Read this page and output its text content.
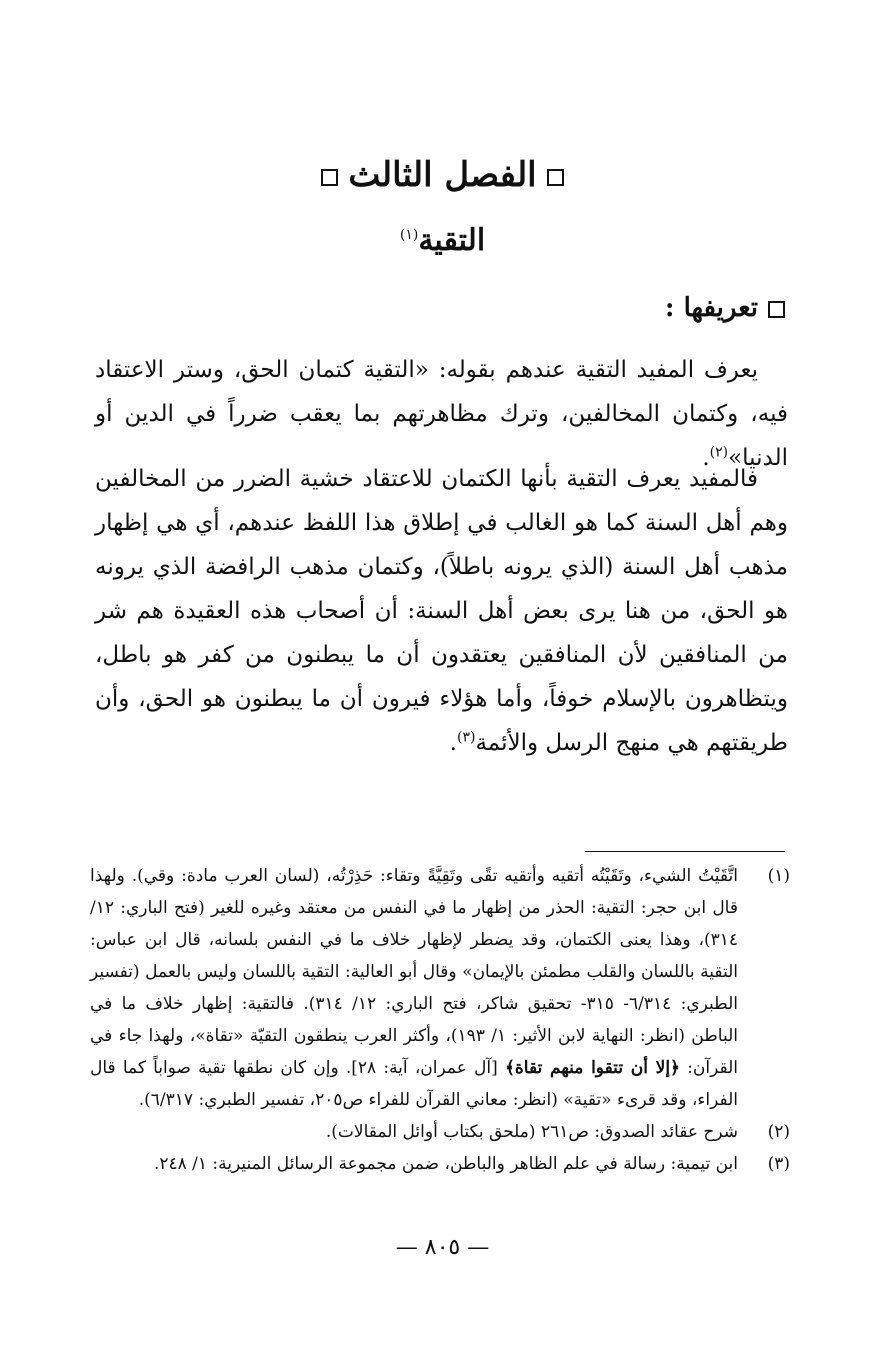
الفصل الثالث
التقية$^{(١)}$
تعريفها :

يعرف المفيد التقية عندهم بقوله: «التقية كتمان الحق، وستر الاعتقاد فيه، وكتمان المخالفين، وترك مظاهرتهم بما يعقب ضرراً في الدين أو الدنيا»$^{(٢)}$.

فالمفيد يعرف التقية بأنها الكتمان للاعتقاد خشية الضرر من المخالفين وهم أهل السنة كما هو الغالب في إطلاق هذا اللفظ عندهم، أي هي إظهار مذهب أهل السنة (الذي يرونه باطلاً)، وكتمان مذهب الرافضة الذي يرونه هو الحق، من هنا يرى بعض أهل السنة: أن أصحاب هذه العقيدة هم شر من المنافقين لأن المنافقين يعتقدون أن ما يبطنون من كفر هو باطل، ويتظاهرون بالإسلام خوفاً، وأما هؤلاء فيرون أن ما يبطنون هو الحق، وأن طريقتهم هي منهج الرسل والأئمة$^{(٣)}$.

(١)
اتَّقَيْتُ الشيء، وتَقَيْتُه أتقيه وأتقيه تقًى وتَقِيَّةً وتقاء: حَذِرْتُه، (لسان العرب مادة: وقي). ولهذا قال ابن حجر: التقية: الحذر من إظهار ما في النفس من معتقد وغيره للغير (فتح الباري: ١٢/ ٣١٤)، وهذا يعنى الكتمان، وقد يضطر لإظهار خلاف ما في النفس بلسانه، قال ابن عباس: التقية باللسان والقلب مطمئن بالإيمان» وقال أبو العالية: التقية باللسان وليس بالعمل (تفسير الطبري: ٦/٣١٤- ٣١٥- تحقيق شاكر، فتح الباري: ١٢/ ٣١٤). فالتقية: إظهار خلاف ما في الباطن (انظر: النهاية لابن الأثير: ١/ ١٩٣)، وأكثر العرب ينطقون التقيّة «تقاة»، ولهذا جاء في القرآن: ﴿إلا أن تتقوا منهم تقاة﴾ [آل عمران، آية: ٢٨]. وإن كان نطقها تقية صواباً كما قال الفراء، وقد قرىء «تقية» (انظر: معاني القرآن للفراء ص٢٠٥، تفسير الطبري: ٦/٣١٧).
(٢)
شرح عقائد الصدوق: ص٢٦١ (ملحق بكتاب أوائل المقالات).
(٣)
ابن تيمية: رسالة في علم الظاهر والباطن، ضمن مجموعة الرسائل المنيرية: ١/ ٢٤٨.
— ٨٠٥ —
